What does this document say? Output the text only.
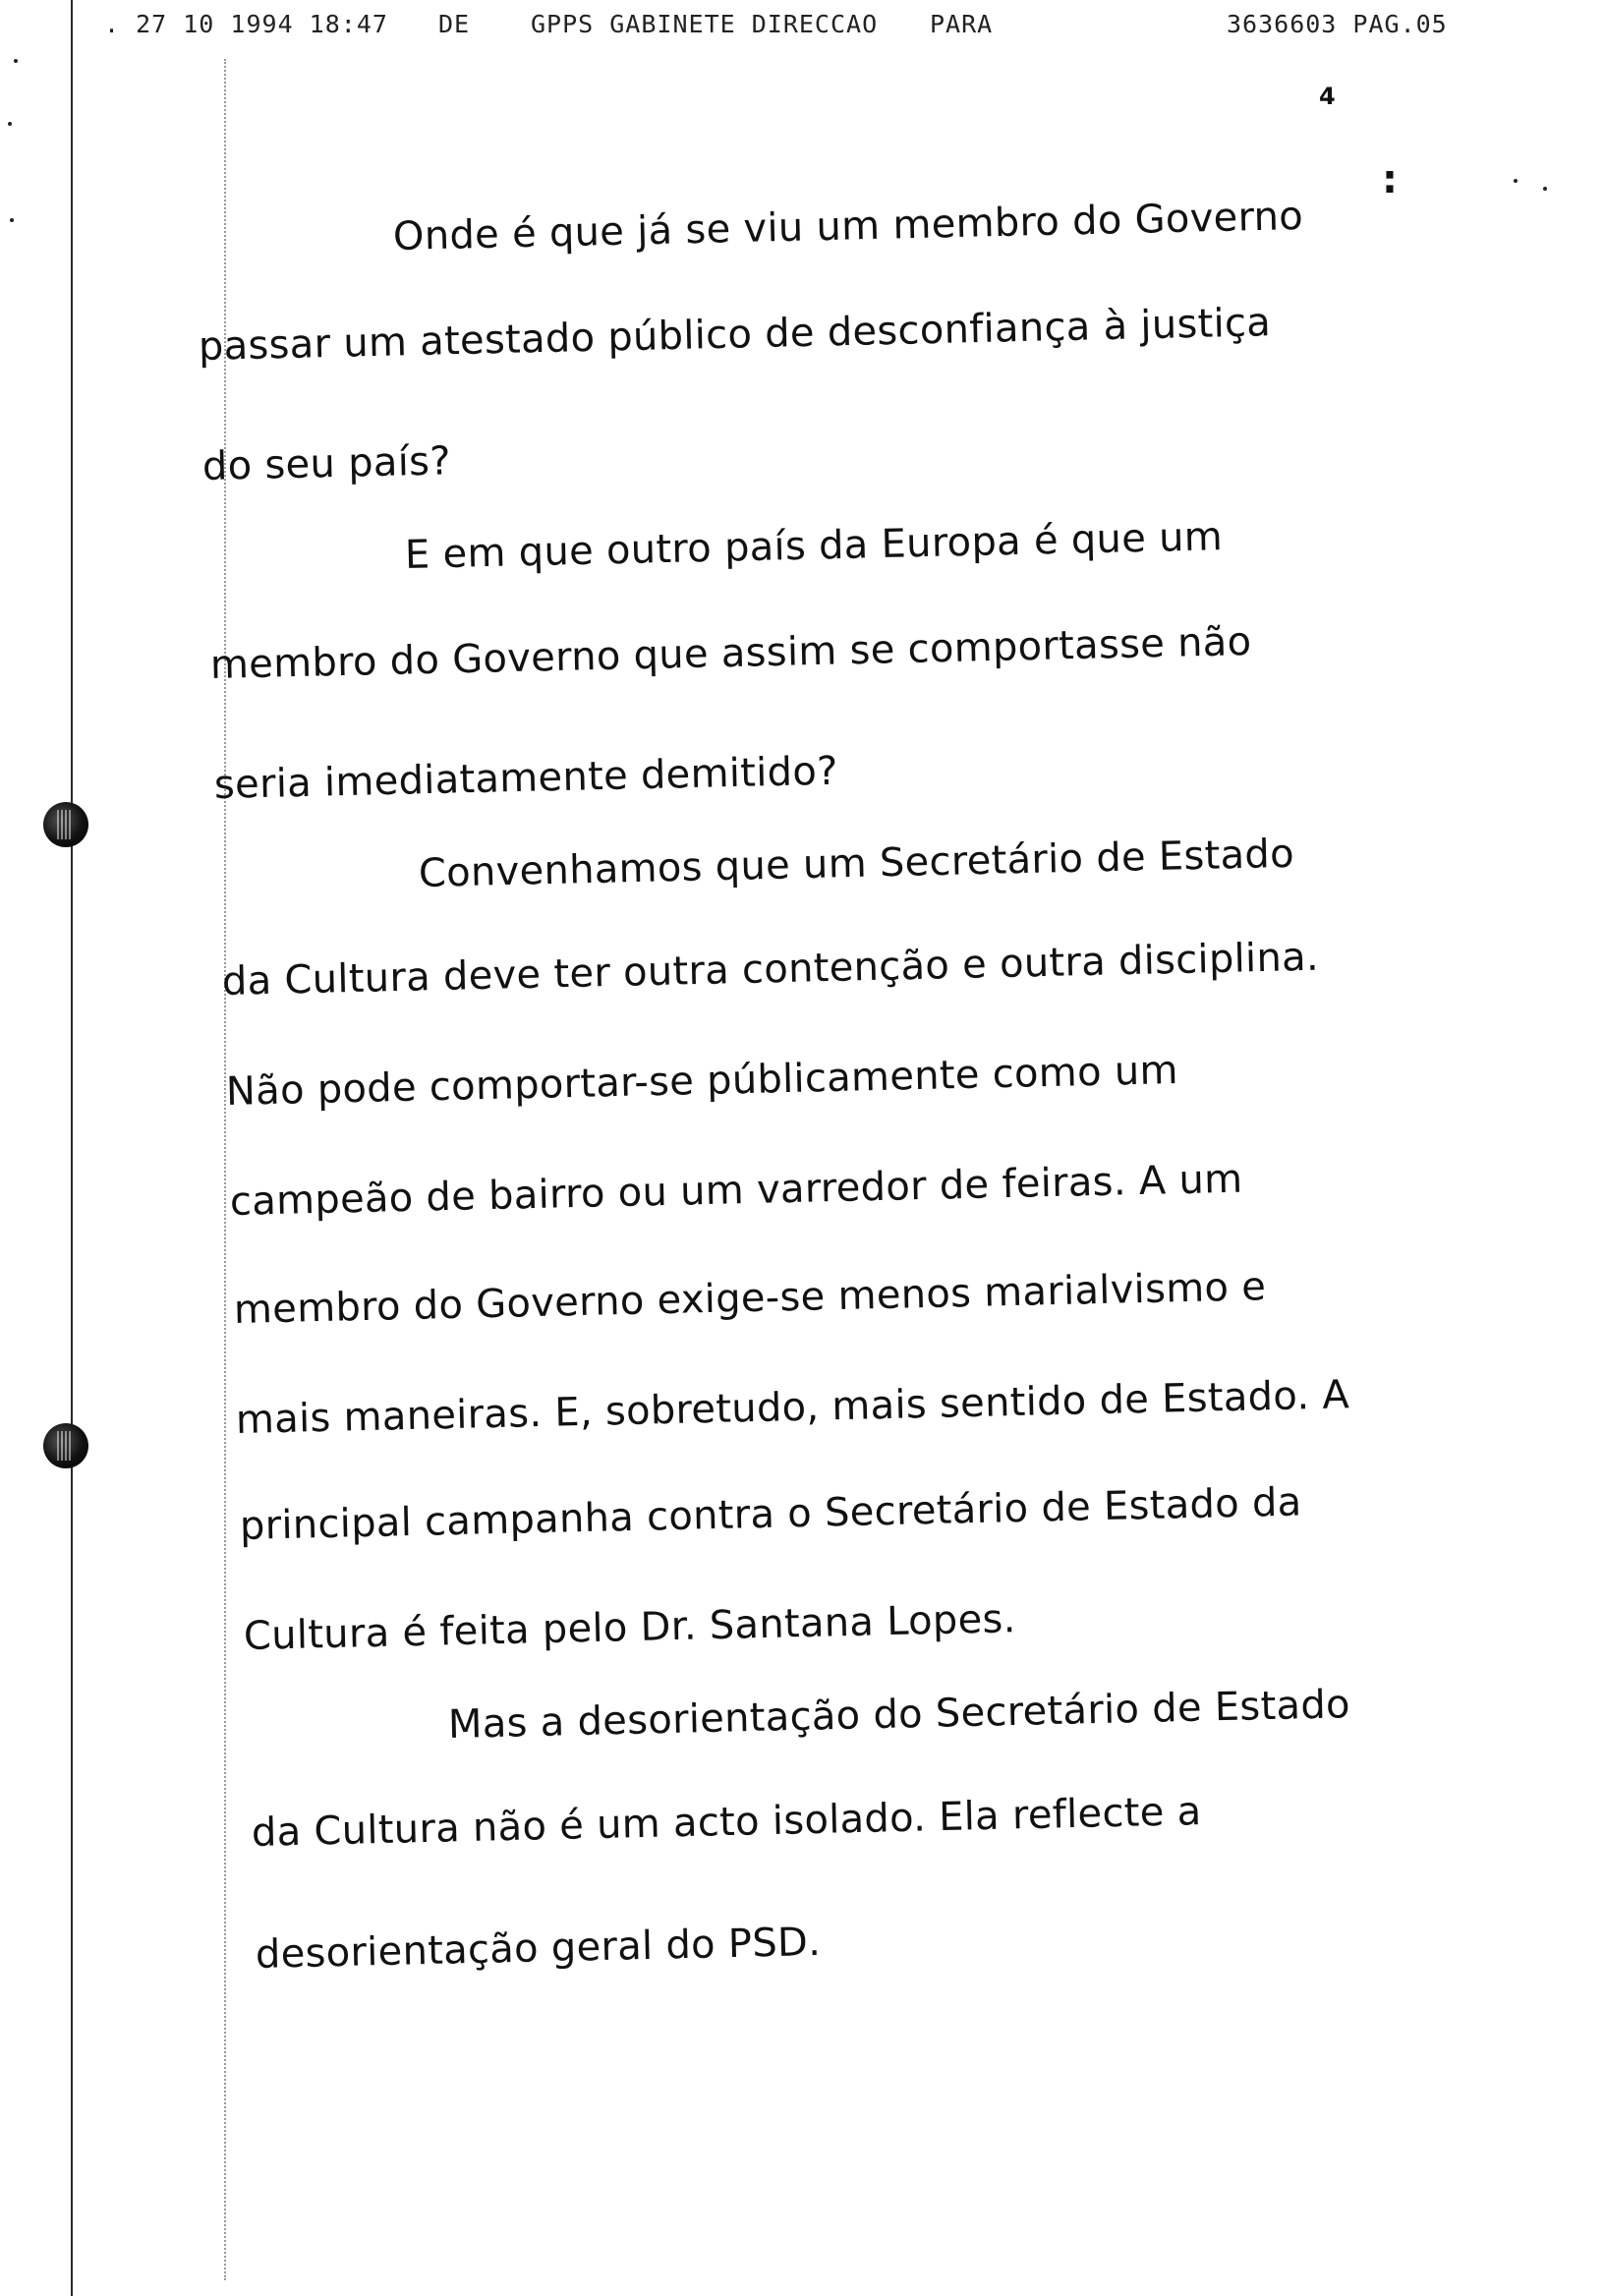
. 27 10 1994 18:47 DE GPPS GABINETE DIRECCAO PARA	3636603 PAG.05
4
:
Onde é que já se viu um membro do Governo
passar um atestado público de desconfiança à justiça
do seu país?
E em que outro país da Europa é que um
membro do Governo que assim se comportasse não
seria imediatamente demitido?
Convenhamos que um Secretário de Estado
da Cultura deve ter outra contenção e outra disciplina.
Não pode comportar-se públicamente como um
campeão de bairro ou um varredor de feiras. A um
membro do Governo exige-se menos marialvismo e
mais maneiras. E, sobretudo, mais sentido de Estado. A
principal campanha contra o Secretário de Estado da
Cultura é feita pelo Dr. Santana Lopes.
Mas a desorientação do Secretário de Estado
da Cultura não é um acto isolado. Ela reflecte a
desorientação geral do PSD.
